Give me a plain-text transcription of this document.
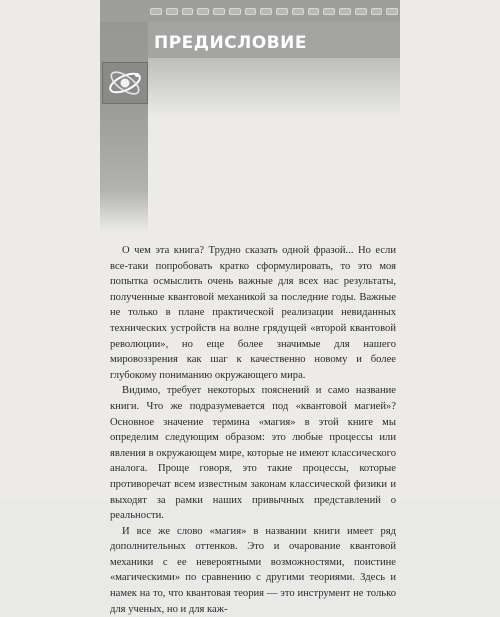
ПРЕДИСЛОВИЕ

О чем эта книга? Трудно сказать одной фразой... Но если все-таки попробовать кратко сформулировать, то это моя попытка осмыслить очень важные для всех нас результаты, полученные квантовой механикой за последние годы. Важные не только в плане практической реализации невиданных технических устройств на волне грядущей «второй квантовой революции», но еще более значимые для нашего мировоззрения как шаг к качественно новому и более глубокому пониманию окружающего мира.

Видимо, требует некоторых пояснений и само название книги. Что же подразумевается под «квантовой магией»? Основное значение термина «магия» в этой книге мы определим следующим образом: это любые процессы или явления в окружающем мире, которые не имеют классического аналога. Проще говоря, это такие процессы, которые противоречат всем известным законам классической физики и выходят за рамки наших привычных представлений о реальности.

И все же слово «магия» в названии книги имеет ряд дополнительных оттенков. Это и очарование квантовой механики с ее невероятными возможностями, поистине «магическими» по сравнению с другими теориями. Здесь и намек на то, что квантовая теория — это инструмент не только для ученых, но и для каж-
